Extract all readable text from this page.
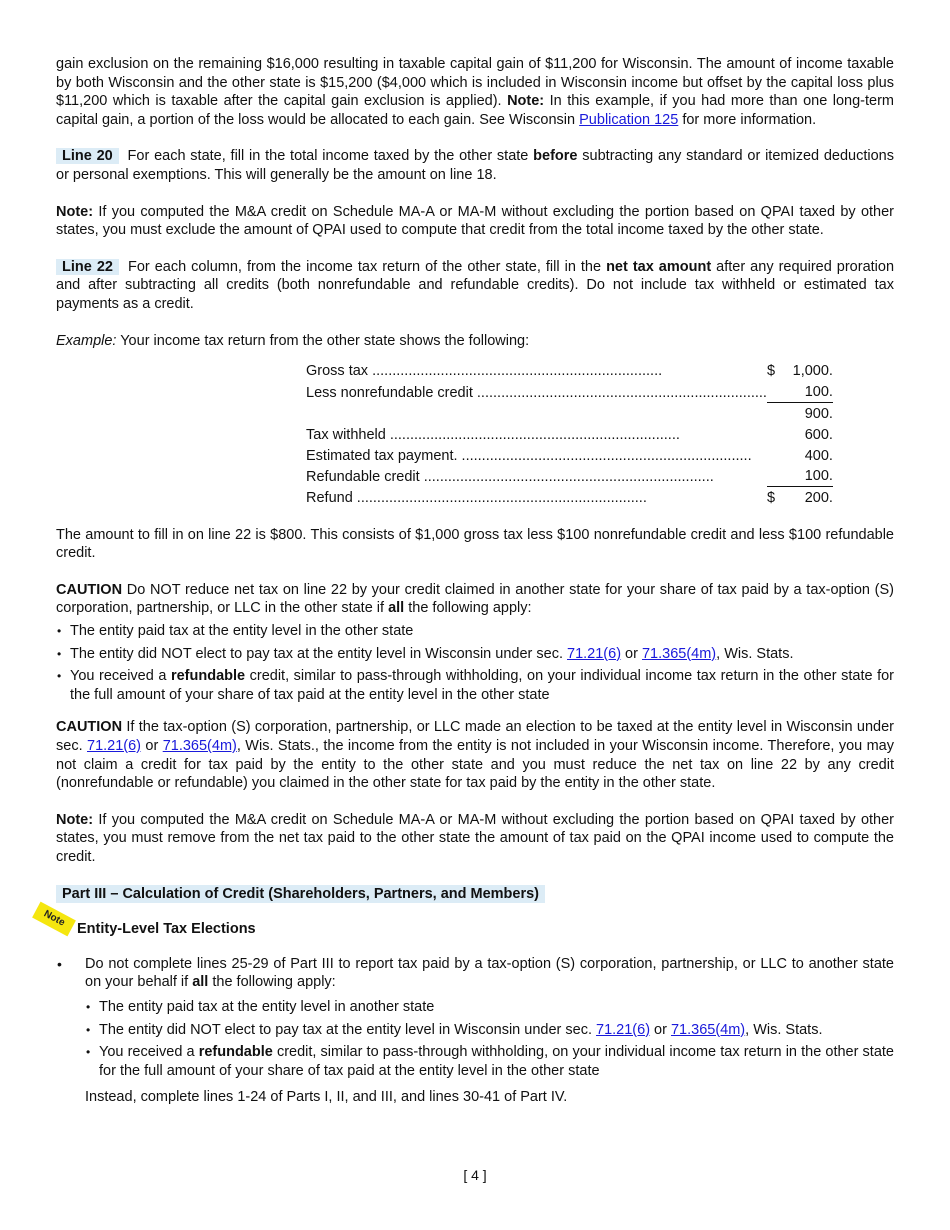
gain exclusion on the remaining $16,000 resulting in taxable capital gain of $11,200 for Wisconsin. The amount of income taxable by both Wisconsin and the other state is $15,200 ($4,000 which is included in Wisconsin income but offset by the capital loss plus $11,200 which is taxable after the capital gain exclusion is applied). Note: In this example, if you had more than one long-term capital gain, a portion of the loss would be allocated to each gain. See Wisconsin Publication 125 for more information.

Line 20 For each state, fill in the total income taxed by the other state before subtracting any standard or itemized deductions or personal exemptions. This will generally be the amount on line 18.

Note: If you computed the M&A credit on Schedule MA-A or MA-M without excluding the portion based on QPAI taxed by other states, you must exclude the amount of QPAI used to compute that credit from the total income taxed by the other state.

Line 22 For each column, from the income tax return of the other state, fill in the net tax amount after any required proration and after subtracting all credits (both nonrefundable and refundable credits). Do not include tax withheld or estimated tax payments as a credit.

Example: Your income tax return from the other state shows the following:

Gross tax .....	$	1,000.
Less nonrefundable credit .....		100.
		900.
Tax withheld .....		600.
Estimated tax payment. .....		400.
Refundable credit .....		100.
Refund .....	$	200.

The amount to fill in on line 22 is $800. This consists of $1,000 gross tax less $100 nonrefundable credit and less $100 refundable credit.

CAUTION Do NOT reduce net tax on line 22 by your credit claimed in another state for your share of tax paid by a tax-option (S) corporation, partnership, or LLC in the other state if all the following apply:

• The entity paid tax at the entity level in the other state
• The entity did NOT elect to pay tax at the entity level in Wisconsin under sec. 71.21(6) or 71.365(4m), Wis. Stats.
• You received a refundable credit, similar to pass-through withholding, on your individual income tax return in the other state for the full amount of your share of tax paid at the entity level in the other state

CAUTION If the tax-option (S) corporation, partnership, or LLC made an election to be taxed at the entity level in Wisconsin under sec. 71.21(6) or 71.365(4m), Wis. Stats., the income from the entity is not included in your Wisconsin income. Therefore, you may not claim a credit for tax paid by the entity to the other state and you must reduce the net tax on line 22 by any credit (nonrefundable or refundable) you claimed in the other state for tax paid by the entity in the other state.

Note: If you computed the M&A credit on Schedule MA-A or MA-M without excluding the portion based on QPAI taxed by other states, you must remove from the net tax paid to the other state the amount of tax paid on the QPAI income used to compute the credit.

Part III – Calculation of Credit (Shareholders, Partners, and Members)
Note
Entity-Level Tax Elections
• Do not complete lines 25-29 of Part III to report tax paid by a tax-option (S) corporation, partnership, or LLC to another state on your behalf if all the following apply:
• The entity paid tax at the entity level in another state
• The entity did NOT elect to pay tax at the entity level in Wisconsin under sec. 71.21(6) or 71.365(4m), Wis. Stats.
• You received a refundable credit, similar to pass-through withholding, on your individual income tax return in the other state for the full amount of your share of tax paid at the entity level in the other state

Instead, complete lines 1-24 of Parts I, II, and III, and lines 30-41 of Part IV.

[ 4 ]
